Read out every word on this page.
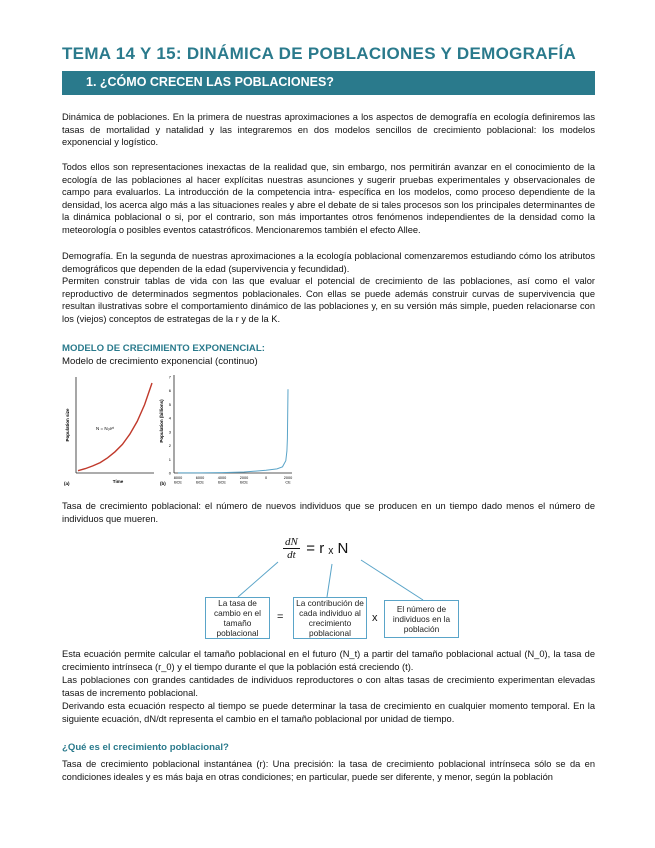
TEMA 14 Y 15: DINÁMICA DE POBLACIONES Y DEMOGRAFÍA
1. ¿CÓMO CRECEN LAS POBLACIONES?

Dinámica de poblaciones. En la primera de nuestras aproximaciones a los aspectos de demografía en ecología definiremos las tasas de mortalidad y natalidad y las integraremos en dos modelos sencillos de crecimiento poblacional: los modelos exponencial y logístico.

Todos ellos son representaciones inexactas de la realidad que, sin embargo, nos permitirán avanzar en el conocimiento de la ecología de las poblaciones al hacer explícitas nuestras asunciones y sugerir pruebas experimentales y observacionales de campo para evaluarlos. La introducción de la competencia intra- específica en los modelos, como proceso dependiente de la densidad, los acerca algo más a las situaciones reales y abre el debate de si tales procesos son los principales determinantes de la dinámica poblacional o si, por el contrario, son más importantes otros fenómenos independientes de la densidad como la meteorología o posibles eventos catastróficos. Mencionaremos también el efecto Allee.

Demografía. En la segunda de nuestras aproximaciones a la ecología poblacional comenzaremos estudiando cómo los atributos demográficos que dependen de la edad (supervivencia y fecundidad).

Permiten construir tablas de vida con las que evaluar el potencial de crecimiento de las poblaciones, así como el valor reproductivo de determinados segmentos poblacionales. Con ellas se puede además construir curvas de supervivencia que resultan ilustrativas sobre el comportamiento dinámico de las poblaciones y, en su versión más simple, pueden relacionarse con los (viejos) conceptos de estrategas de la r y de la K.

MODELO DE CRECIMIENTO EXPONENCIAL:
Modelo de crecimiento exponencial (continuo)
Population size	N = N₀eʳᵗ
Time
(a)
Population (billions)
(b)
7
6
5
4
3
2
1
0
8000 BCE
6000 BCE
4000 BCE
2000 BCE
0	2000 CE

Tasa de crecimiento poblacional: el número de nuevos individuos que se producen en un tiempo dado menos el número de individuos que mueren.

$\frac{dN}{dt} = r$ ₓ N
La tasa de cambio en el tamaño poblacional
=
La contribución de cada individuo al crecimiento poblacional
x
El número de individuos en la población

Esta ecuación permite calcular el tamaño poblacional en el futuro (N_t) a partir del tamaño poblacional actual (N_0), la tasa de crecimiento intrínseca (r_0) y el tiempo durante el que la población está creciendo (t).

Las poblaciones con grandes cantidades de individuos reproductores o con altas tasas de crecimiento experimentan elevadas tasas de incremento poblacional.

Derivando esta ecuación respecto al tiempo se puede determinar la tasa de crecimiento en cualquier momento temporal. En la siguiente ecuación, dN/dt representa el cambio en el tamaño poblacional por unidad de tiempo.

¿Qué es el crecimiento poblacional?

Tasa de crecimiento poblacional instantánea (r): Una precisión: la tasa de crecimiento poblacional intrínseca sólo se da en condiciones ideales y es más baja en otras condiciones; en particular, puede ser diferente, y menor, según la población
